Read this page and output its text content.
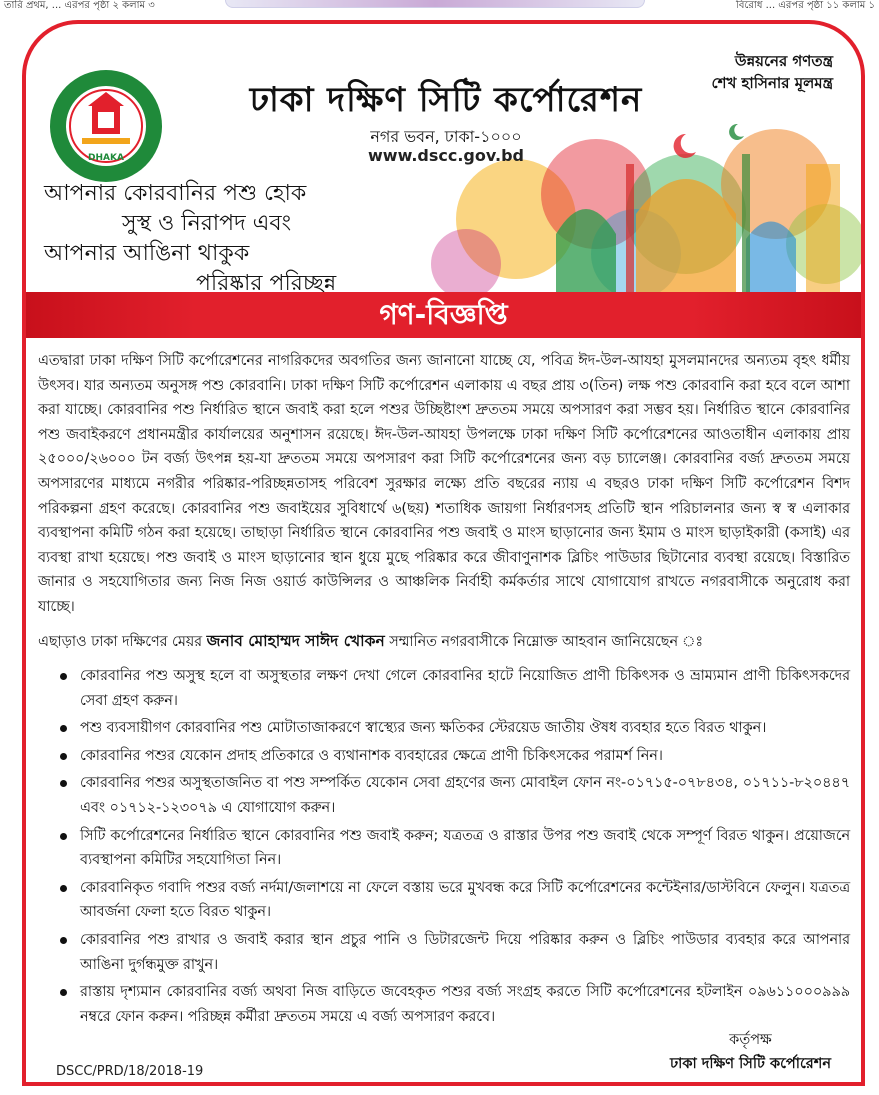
তারি প্রথম, ... এরপর পৃষ্ঠা ২ কলাম ৩	বিরোধ ... এরপর পৃষ্ঠা ১১ কলাম ১
DHAKA
ঢাকা দক্ষিণ সিটি কর্পোরেশন
নগর ভবন, ঢাকা-১০০০
www.dscc.gov.bd
উন্নয়নের গণতন্ত্র
শেখ হাসিনার মূলমন্ত্র
আপনার কোরবানির পশু হোক
সুস্থ ও নিরাপদ এবং
আপনার আঙিনা থাকুক
পরিষ্কার পরিচ্ছন্ন
গণ-বিজ্ঞপ্তি

এতদ্বারা ঢাকা দক্ষিণ সিটি কর্পোরেশনের নাগরিকদের অবগতির জন্য জানানো যাচ্ছে যে, পবিত্র ঈদ-উল-আযহা মুসলমানদের অন্যতম বৃহৎ ধর্মীয় উৎসব। যার অন্যতম অনুসঙ্গ পশু কোরবানি। ঢাকা দক্ষিণ সিটি কর্পোরেশন এলাকায় এ বছর প্রায় ৩(তিন) লক্ষ পশু কোরবানি করা হবে বলে আশা করা যাচ্ছে। কোরবানির পশু নির্ধারিত স্থানে জবাই করা হলে পশুর উচ্ছিষ্টাংশ দ্রুততম সময়ে অপসারণ করা সম্ভব হয়। নির্ধারিত স্থানে কোরবানির পশু জবাইকরণে প্রধানমন্ত্রীর কার্যালয়ের অনুশাসন রয়েছে। ঈদ-উল-আযহা উপলক্ষে ঢাকা দক্ষিণ সিটি কর্পোরেশনের আওতাধীন এলাকায় প্রায় ২৫০০০/২৬০০০ টন বর্জ্য উৎপন্ন হয়-যা দ্রুততম সময়ে অপসারণ করা সিটি কর্পোরেশনের জন্য বড় চ্যালেঞ্জ। কোরবানির বর্জ্য দ্রুততম সময়ে অপসারণের মাধ্যমে নগরীর পরিষ্কার-পরিচ্ছন্নতাসহ পরিবেশ সুরক্ষার লক্ষ্যে প্রতি বছরের ন্যায় এ বছরও ঢাকা দক্ষিণ সিটি কর্পোরেশন বিশদ পরিকল্পনা গ্রহণ করেছে। কোরবানির পশু জবাইয়ের সুবিধার্থে ৬(ছয়) শতাধিক জায়গা নির্ধারণসহ প্রতিটি স্থান পরিচালনার জন্য স্ব স্ব এলাকার ব্যবস্থাপনা কমিটি গঠন করা হয়েছে। তাছাড়া নির্ধারিত স্থানে কোরবানির পশু জবাই ও মাংস ছাড়ানোর জন্য ইমাম ও মাংস ছাড়াইকারী (কসাই) এর ব্যবস্থা রাখা হয়েছে। পশু জবাই ও মাংস ছাড়ানোর স্থান ধুয়ে মুছে পরিষ্কার করে জীবাণুনাশক ব্লিচিং পাউডার ছিটানোর ব্যবস্থা রয়েছে। বিস্তারিত জানার ও সহযোগিতার জন্য নিজ নিজ ওয়ার্ড কাউন্সিলর ও আঞ্চলিক নির্বাহী কর্মকর্তার সাথে যোগাযোগ রাখতে নগরবাসীকে অনুরোধ করা যাচ্ছে।

এছাড়াও ঢাকা দক্ষিণের মেয়র জনাব মোহাম্মদ সাঈদ খোকন সম্মানিত নগরবাসীকে নিম্নোক্ত আহবান জানিয়েছেন ঃ

কোরবানির পশু অসুস্থ হলে বা অসুস্থতার লক্ষণ দেখা গেলে কোরবানির হাটে নিয়োজিত প্রাণী চিকিৎসক ও ভ্রাম্যমান প্রাণী চিকিৎসকদের সেবা গ্রহণ করুন।
পশু ব্যবসায়ীগণ কোরবানির পশু মোটাতাজাকরণে স্বাস্থ্যের জন্য ক্ষতিকর স্টেরয়েড জাতীয় ঔষধ ব্যবহার হতে বিরত থাকুন।
কোরবানির পশুর যেকোন প্রদাহ প্রতিকারে ও ব্যথানাশক ব্যবহারের ক্ষেত্রে প্রাণী চিকিৎসকের পরামর্শ নিন।
কোরবানির পশুর অসুস্থতাজনিত বা পশু সম্পর্কিত যেকোন সেবা গ্রহণের জন্য মোবাইল ফোন নং-০১৭১৫-০৭৮৪৩৪, ০১৭১১-৮২০৪৪৭ এবং ০১৭১২-১২৩০৭৯ এ যোগাযোগ করুন।
সিটি কর্পোরেশনের নির্ধারিত স্থানে কোরবানির পশু জবাই করুন; যত্রতত্র ও রাস্তার উপর পশু জবাই থেকে সম্পূর্ণ বিরত থাকুন। প্রয়োজনে ব্যবস্থাপনা কমিটির সহযোগিতা নিন।
কোরবানিকৃত গবাদি পশুর বর্জ্য নর্দমা/জলাশয়ে না ফেলে বস্তায় ভরে মুখবন্ধ করে সিটি কর্পোরেশনের কন্টেইনার/ডাস্টবিনে ফেলুন। যত্রতত্র আবর্জনা ফেলা হতে বিরত থাকুন।
কোরবানির পশু রাখার ও জবাই করার স্থান প্রচুর পানি ও ডিটারজেন্ট দিয়ে পরিষ্কার করুন ও ব্লিচিং পাউডার ব্যবহার করে আপনার আঙিনা দুর্গন্ধমুক্ত রাখুন।
রাস্তায় দৃশ্যমান কোরবানির বর্জ্য অথবা নিজ বাড়িতে জবেহকৃত পশুর বর্জ্য সংগ্রহ করতে সিটি কর্পোরেশনের হটলাইন ০৯৬১১০০০৯৯৯ নম্বরে ফোন করুন। পরিচ্ছন্ন কর্মীরা দ্রুততম সময়ে এ বর্জ্য অপসারণ করবে।
DSCC/PRD/18/2018-19
কর্তৃপক্ষ
ঢাকা দক্ষিণ সিটি কর্পোরেশন
